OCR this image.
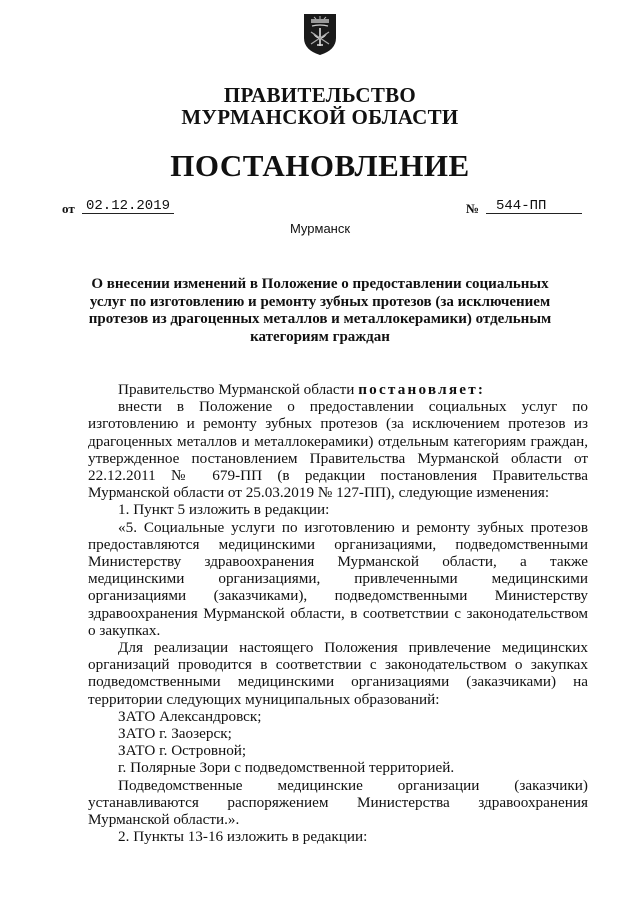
ПРАВИТЕЛЬСТВО
МУРМАНСКОЙ ОБЛАСТИ
ПОСТАНОВЛЕНИЕ
от 02.12.2019	№	544-ПП
Мурманск
О внесении изменений в Положение о предоставлении социальных услуг по изготовлению и ремонту зубных протезов (за исключением протезов из драгоценных металлов и металлокерамики) отдельным категориям граждан

Правительство Мурманской области постановляет:

внести в Положение о предоставлении социальных услуг по изготовлению и ремонту зубных протезов (за исключением протезов из драгоценных металлов и металлокерамики) отдельным категориям граждан, утвержденное постановлением Правительства Мурманской области от 22.12.2011 № 679-ПП (в редакции постановления Правительства Мурманской области от 25.03.2019 № 127-ПП), следующие изменения:

1. Пункт 5 изложить в редакции:

«5. Социальные услуги по изготовлению и ремонту зубных протезов предоставляются медицинскими организациями, подведомственными Министерству здравоохранения Мурманской области, а также медицинскими организациями, привлеченными медицинскими организациями (заказчиками), подведомственными Министерству здравоохранения Мурманской области, в соответствии с законодательством о закупках.

Для реализации настоящего Положения привлечение медицинских организаций проводится в соответствии с законодательством о закупках подведомственными медицинскими организациями (заказчиками) на территории следующих муниципальных образований:

ЗАТО Александровск;

ЗАТО г. Заозерск;

ЗАТО г. Островной;

г. Полярные Зори с подведомственной территорией.

Подведомственные медицинские организации (заказчики) устанавливаются распоряжением Министерства здравоохранения Мурманской области.».

2. Пункты 13-16 изложить в редакции:
